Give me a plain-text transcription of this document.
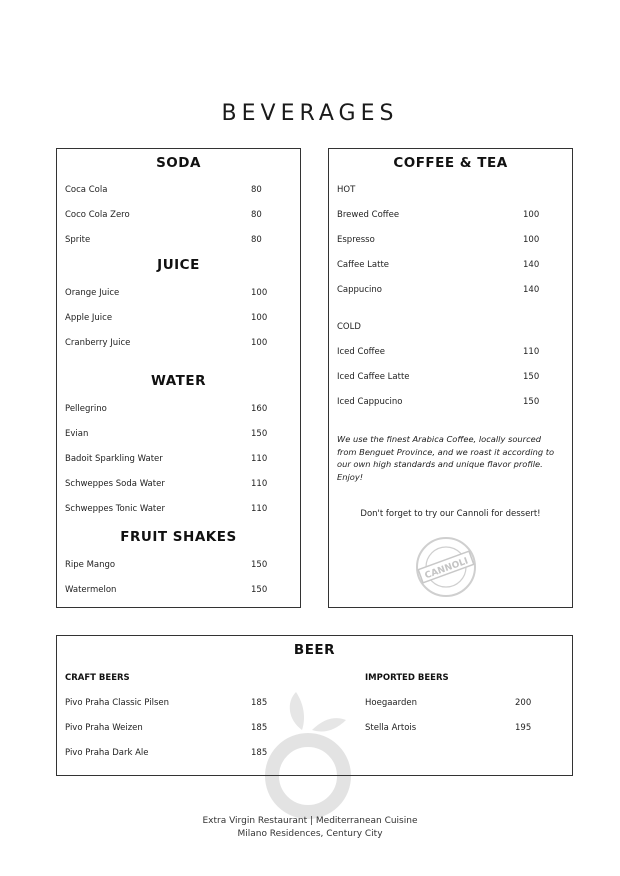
BEVERAGES
SODA
Coca Cola	80
Coco Cola Zero	80
Sprite	80
JUICE
Orange Juice	100
Apple Juice	100
Cranberry Juice	100
WATER
Pellegrino	160
Evian	150
Badoit Sparkling Water	110
Schweppes Soda Water	110
Schweppes Tonic Water	110
FRUIT SHAKES
Ripe Mango	150
Watermelon	150
COFFEE & TEA
HOT
Brewed Coffee	100
Espresso	100
Caffee Latte	140
Cappucino	140
COLD
Iced Coffee	110
Iced Caffee Latte	150
Iced Cappucino	150
We use the finest Arabica Coffee, locally sourced from Benguet Province, and we roast it according to our own high standards and unique flavor profile. Enjoy!
Don't forget to try our Cannoli for dessert!
CANNOLI
BEER
CRAFT BEERS
Pivo Praha Classic Pilsen	185
Pivo Praha Weizen	185
Pivo Praha Dark Ale	185
IMPORTED BEERS
Hoegaarden	200
Stella Artois	195
Extra Virgin Restaurant | Mediterranean Cuisine
Milano Residences, Century City
